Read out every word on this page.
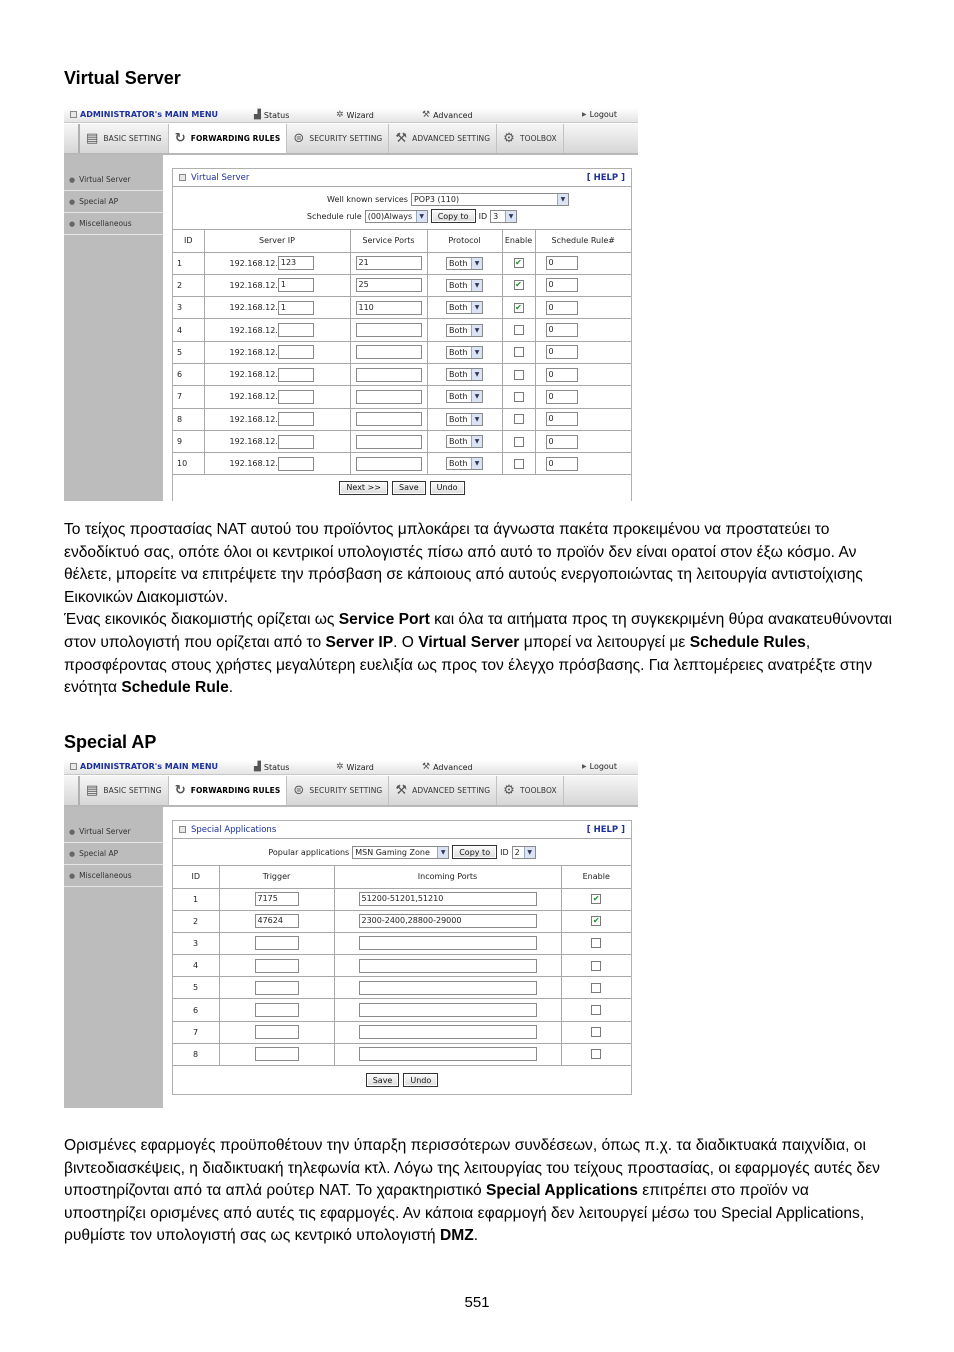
Virtual Server
ADMINISTRATOR's MAIN MENU	▟ Status	✲ Wizard	⚒ Advanced	▶ Logout
▤ BASIC SETTING ↻ FORWARDING RULES ⊜ SECURITY SETTING ⚒ ADVANCED SETTING ⚙ TOOLBOX
● Virtual Server
● Special AP
● Miscellaneous
Virtual Server	[ HELP ]
Well known services POP3 (110)	▼
Schedule rule (00)Always	▼	Copy to	ID 3	▼
ID	Server IP	Service Ports	Protocol	Enable	Schedule Rule#
1	192.168.12. 123	21	Both ▼	✔	0
2	192.168.12. 1	25	Both ▼	✔	0
3	192.168.12. 1	110	Both ▼	✔	0
4	192.168.12.		Both ▼		0
5	192.168.12.		Both ▼		0
6	192.168.12.		Both ▼		0
7	192.168.12.		Both ▼		0
8	192.168.12.		Both ▼		0
9	192.168.12.		Both ▼		0
10	192.168.12.		Both ▼		0
Next >>	Save	Undo

Το τείχος προστασίας NAT αυτού του προϊόντος μπλοκάρει τα άγνωστα πακέτα προκειμένου να προστατεύει το ενδοδίκτυό σας, οπότε όλοι οι κεντρικοί υπολογιστές πίσω από αυτό το προϊόν δεν είναι ορατοί στον έξω κόσμο. Αν θέλετε, μπορείτε να επιτρέψετε την πρόσβαση σε κάποιους από αυτούς ενεργοποιώντας τη λειτουργία αντιστοίχισης Εικονικών Διακομιστών.
Ένας εικονικός διακομιστής ορίζεται ως Service Port και όλα τα αιτήματα προς τη συγκεκριμένη θύρα ανακατευθύνονται στον υπολογιστή που ορίζεται από το Server IP. Ο Virtual Server μπορεί να λειτουργεί με Schedule Rules, προσφέροντας στους χρήστες μεγαλύτερη ευελιξία ως προς τον έλεγχο πρόσβασης. Για λεπτομέρειες ανατρέξτε στην ενότητα Schedule Rule.

Special AP
ADMINISTRATOR's MAIN MENU	▟ Status	✲ Wizard	⚒ Advanced	▶ Logout
▤ BASIC SETTING ↻ FORWARDING RULES ⊜ SECURITY SETTING ⚒ ADVANCED SETTING ⚙ TOOLBOX
● Virtual Server
● Special AP
● Miscellaneous
Special Applications	[ HELP ]
Popular applications MSN Gaming Zone	▼	Copy to	ID 2	▼
ID	Trigger	Incoming Ports	Enable
1	7175	51200-51201,51210	✔
2	47624	2300-2400,28800-29000	✔
3			
4			
5			
6			
7			
8			
Save	Undo

Ορισμένες εφαρμογές προϋποθέτουν την ύπαρξη περισσότερων συνδέσεων, όπως π.χ. τα διαδικτυακά παιχνίδια, οι βιντεοδιασκέψεις, η διαδικτυακή τηλεφωνία κτλ. Λόγω της λειτουργίας του τείχους προστασίας, οι εφαρμογές αυτές δεν υποστηρίζονται από τα απλά ρούτερ NAT. Το χαρακτηριστικό Special Applications επιτρέπει στο προϊόν να υποστηρίζει ορισμένες από αυτές τις εφαρμογές. Αν κάποια εφαρμογή δεν λειτουργεί μέσω του Special Applications, ρυθμίστε τον υπολογιστή σας ως κεντρικό υπολογιστή DMZ.

551
